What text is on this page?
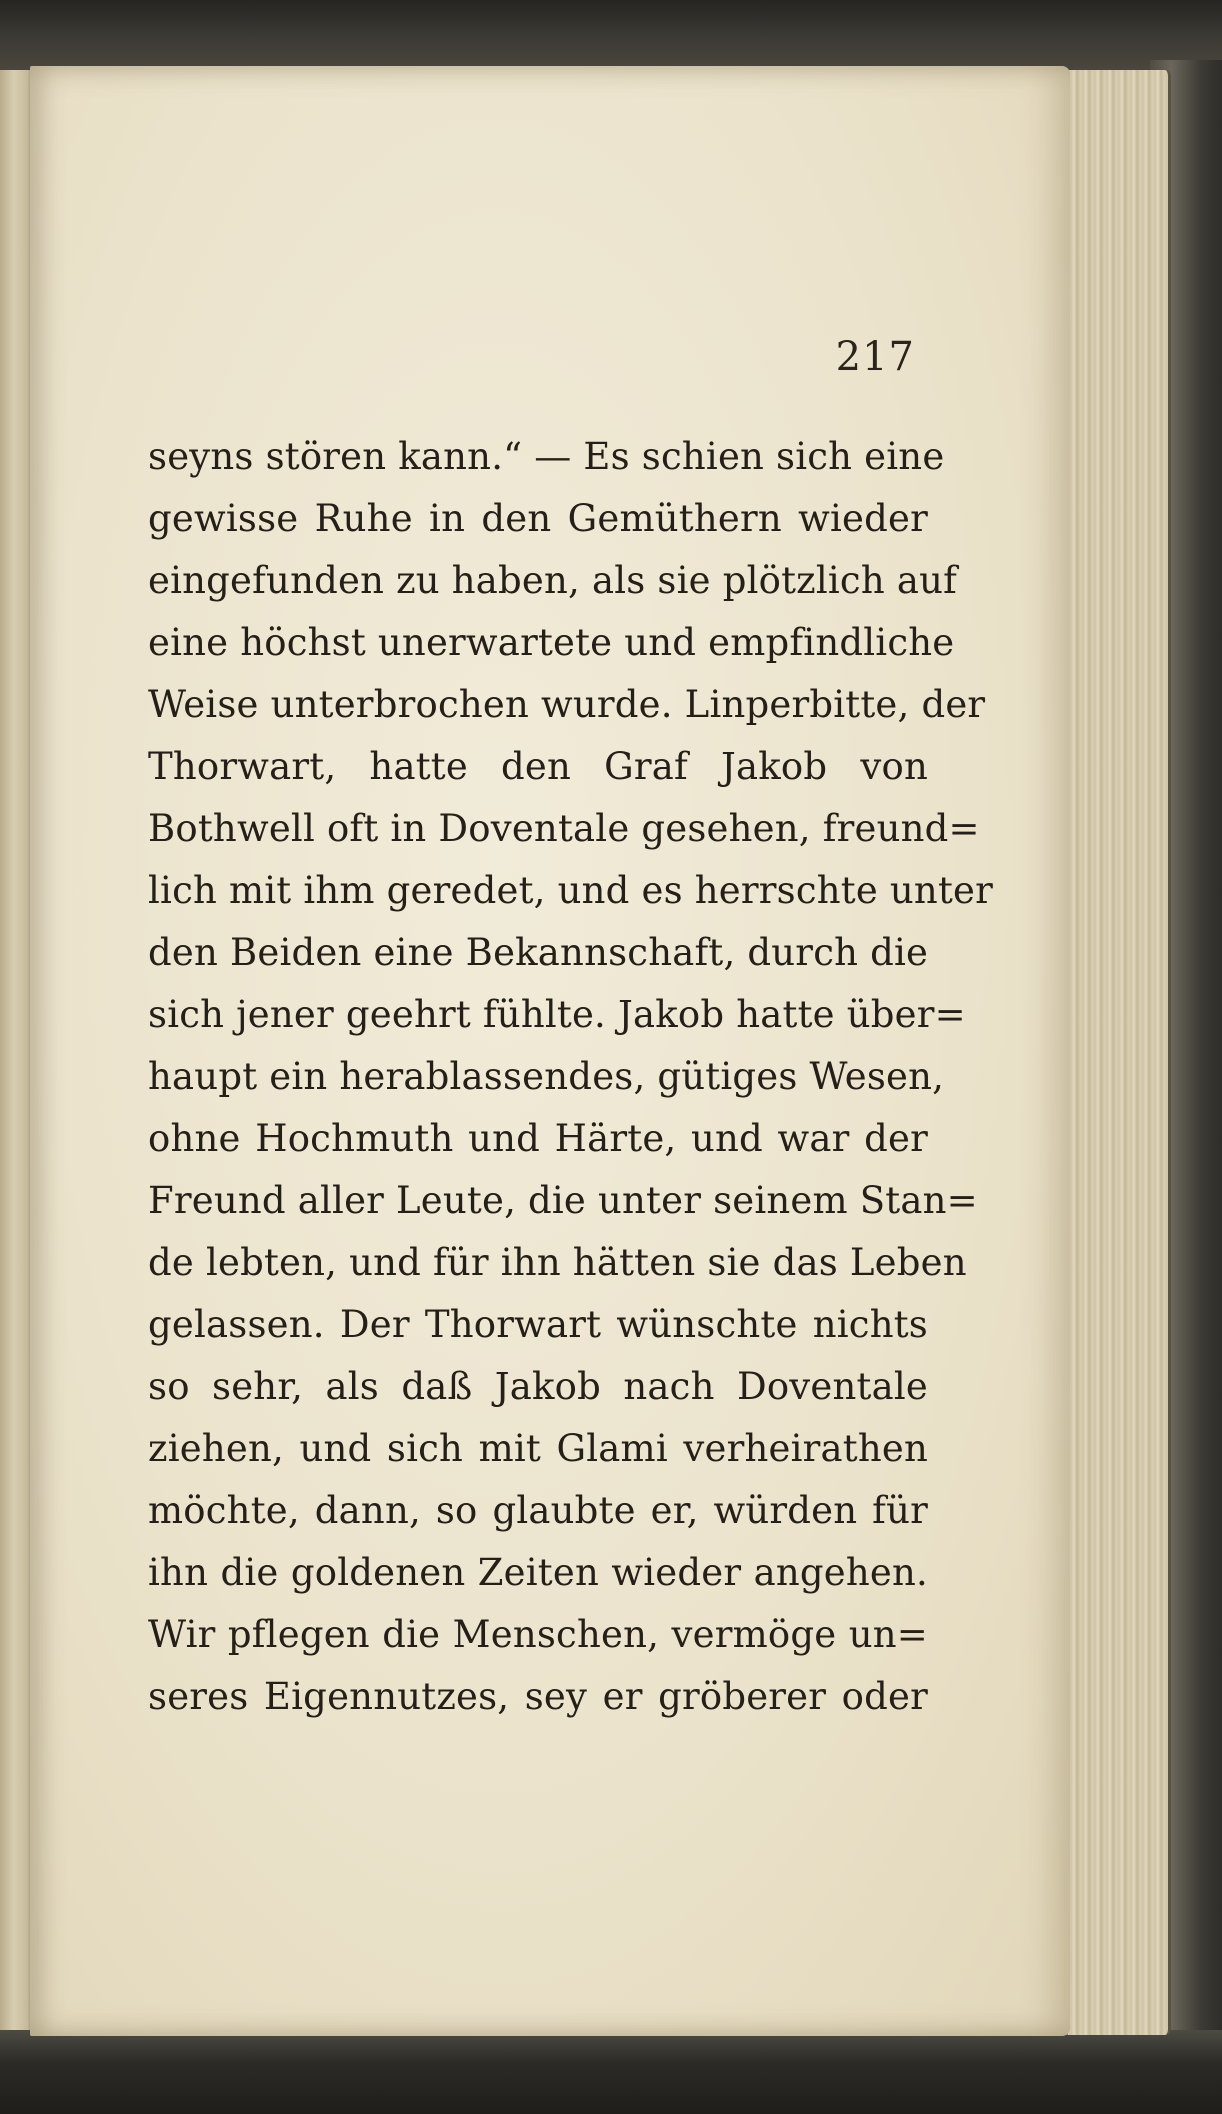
217

seyns stören kann.“ — Es schien sich eine
gewisse Ruhe in den Gemüthern wieder
eingefunden zu haben, als sie plötzlich auf
eine höchst unerwartete und empfindliche
Weise unterbrochen wurde. Linperbitte, der
Thorwart, hatte den Graf Jakob von
Bothwell oft in Doventale gesehen, freund=
lich mit ihm geredet, und es herrschte unter
den Beiden eine Bekannschaft, durch die
sich jener geehrt fühlte. Jakob hatte über=
haupt ein herablassendes, gütiges Wesen,
ohne Hochmuth und Härte, und war der
Freund aller Leute, die unter seinem Stan=
de lebten, und für ihn hätten sie das Leben
gelassen. Der Thorwart wünschte nichts
so sehr, als daß Jakob nach Doventale
ziehen, und sich mit Glami verheirathen
möchte, dann, so glaubte er, würden für
ihn die goldenen Zeiten wieder angehen.
Wir pflegen die Menschen, vermöge un=
seres Eigennutzes, sey er gröberer oder
